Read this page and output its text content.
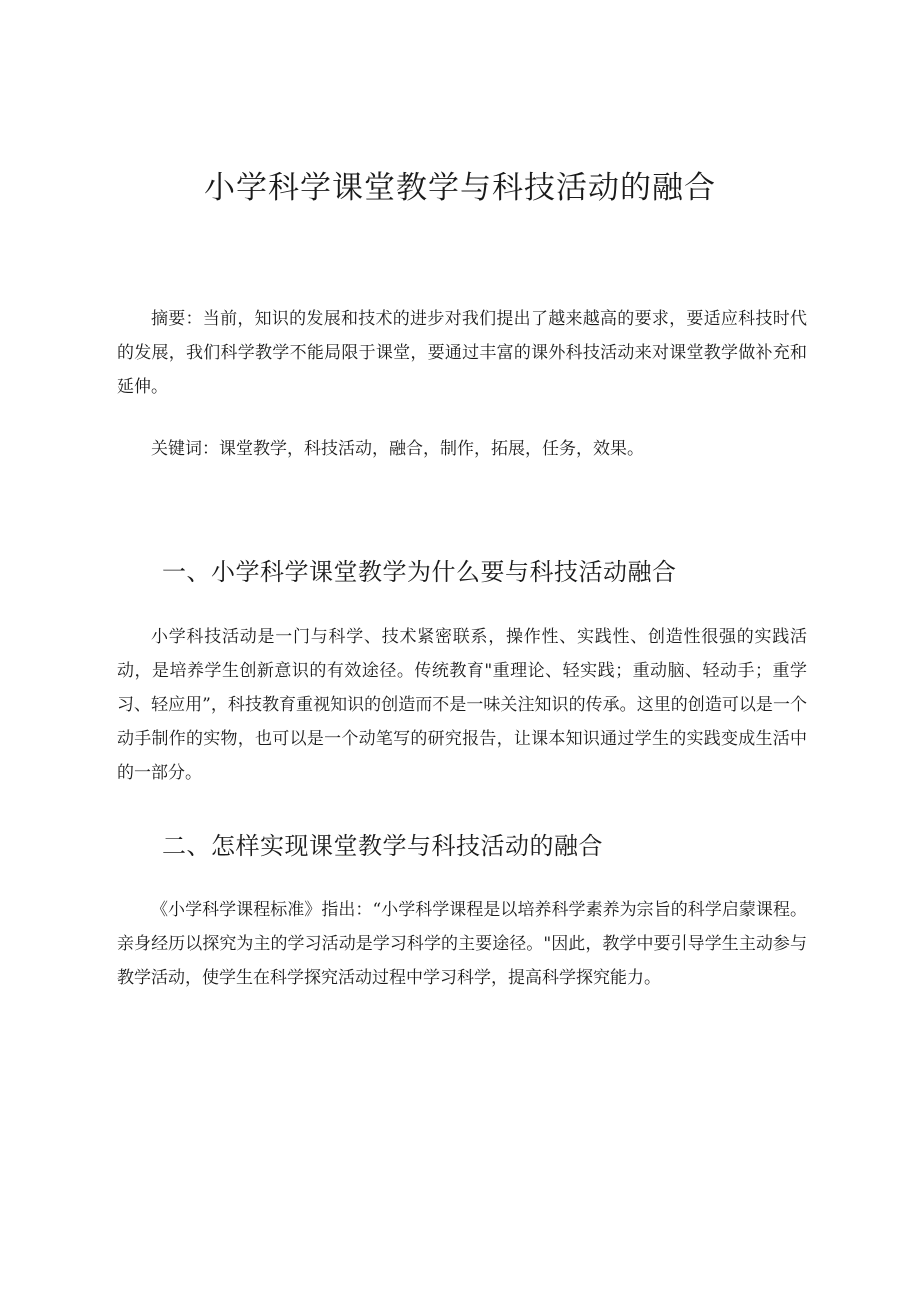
小学科学课堂教学与科技活动的融合

摘要：当前，知识的发展和技术的进步对我们提出了越来越高的要求，要适应科技时代的发展，我们科学教学不能局限于课堂，要通过丰富的课外科技活动来对课堂教学做补充和延伸。

关键词：课堂教学，科技活动，融合，制作，拓展，任务，效果。

一、小学科学课堂教学为什么要与科技活动融合

小学科技活动是一门与科学、技术紧密联系，操作性、实践性、创造性很强的实践活动，是培养学生创新意识的有效途径。传统教育"重理论、轻实践；重动脑、轻动手；重学习、轻应用”，科技教育重视知识的创造而不是一味关注知识的传承。这里的创造可以是一个动手制作的实物，也可以是一个动笔写的研究报告，让课本知识通过学生的实践变成生活中的一部分。

二、怎样实现课堂教学与科技活动的融合

《小学科学课程标准》指出：“小学科学课程是以培养科学素养为宗旨的科学启蒙课程。亲身经历以探究为主的学习活动是学习科学的主要途径。"因此，教学中要引导学生主动参与教学活动，使学生在科学探究活动过程中学习科学，提高科学探究能力。
